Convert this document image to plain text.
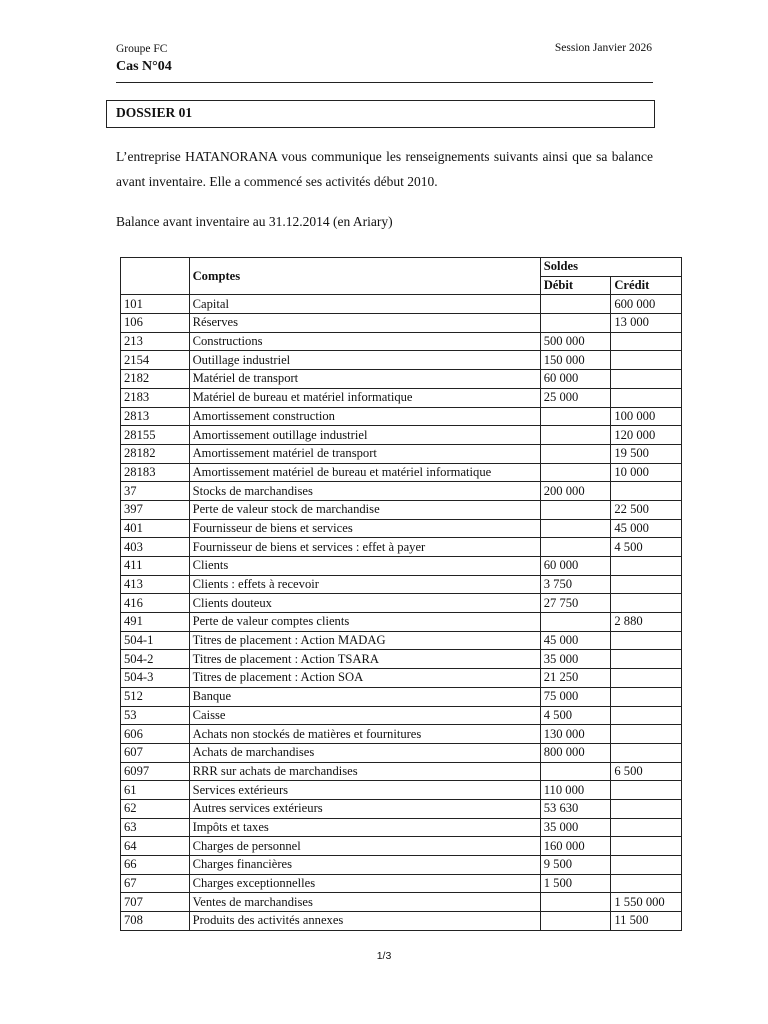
Groupe FC
Cas N°04
Session Janvier 2026
DOSSIER 01
L’entreprise HATANORANA vous communique les renseignements suivants ainsi que sa balance avant inventaire. Elle a commencé ses activités début 2010.
Balance avant inventaire au 31.12.2014 (en Ariary)
	Comptes	Soldes	
		Débit	Crédit
101	Capital		600 000
106	Réserves		13 000
213	Constructions	500 000	
2154	Outillage industriel	150 000	
2182	Matériel de transport	60 000	
2183	Matériel de bureau et matériel informatique	25 000	
2813	Amortissement construction		100 000
28155	Amortissement outillage industriel		120 000
28182	Amortissement matériel de transport		19 500
28183	Amortissement matériel de bureau et matériel informatique		10 000
37	Stocks de marchandises	200 000	
397	Perte de valeur stock de marchandise		22 500
401	Fournisseur de biens et services		45 000
403	Fournisseur de biens et services : effet à payer		4 500
411	Clients	60 000	
413	Clients : effets à recevoir	3 750	
416	Clients douteux	27 750	
491	Perte de valeur comptes clients		2 880
504-1	Titres de placement : Action MADAG	45 000	
504-2	Titres de placement : Action TSARA	35 000	
504-3	Titres de placement : Action SOA	21 250	
512	Banque	75 000	
53	Caisse	4 500	
606	Achats non stockés de matières et fournitures	130 000	
607	Achats de marchandises	800 000	
6097	RRR sur achats de marchandises		6 500
61	Services extérieurs	110 000	
62	Autres services extérieurs	53 630	
63	Impôts et taxes	35 000	
64	Charges de personnel	160 000	
66	Charges financières	9 500	
67	Charges exceptionnelles	1 500	
707	Ventes de marchandises		1 550 000
708	Produits des activités annexes		11 500
1/3
